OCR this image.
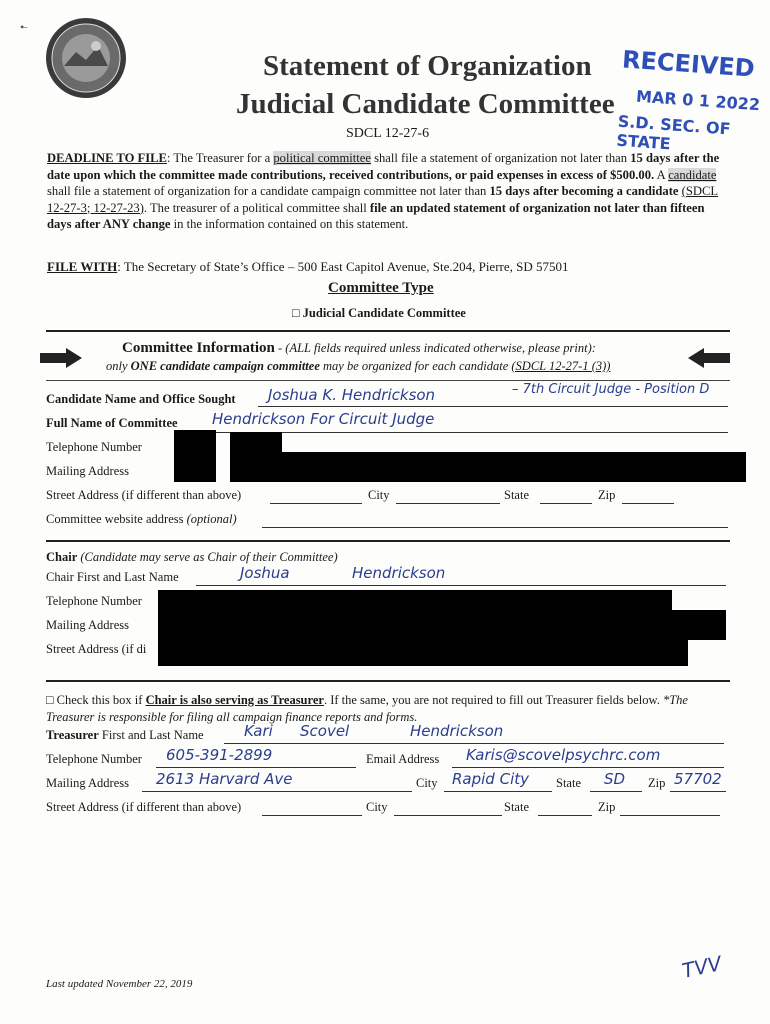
•̶
Statement of Organization
Judicial Candidate Committee
RECEIVED
MAR 0 1 2022
S.D. SEC. OF STATE
SDCL 12-27-6
DEADLINE TO FILE: The Treasurer for a political committee shall file a statement of organization not later than 15 days after the date upon which the committee made contributions, received contributions, or paid expenses in excess of $500.00. A candidate shall file a statement of organization for a candidate campaign committee not later than 15 days after becoming a candidate (SDCL 12-27-3; 12-27-23). The treasurer of a political committee shall file an updated statement of organization not later than fifteen days after ANY change in the information contained on this statement.
FILE WITH: The Secretary of State’s Office – 500 East Capitol Avenue, Ste.204, Pierre, SD 57501
Committee Type
□ Judicial Candidate Committee
Committee Information - (ALL fields required unless indicated otherwise, please print):
only ONE candidate campaign committee may be organized for each candidate (SDCL 12-27-1 (3))
Candidate Name and Office Sought Joshua K. Hendrickson	– 7th Circuit Judge - Position D
Full Name of Committee Hendrickson For Circuit Judge
Telephone Number
Mailing Address
Street Address (if different than above)	City	State	Zip
Committee website address (optional)
Chair (Candidate may serve as Chair of their Committee)
Chair First and Last Name	Joshua	Hendrickson
Telephone Number
Mailing Address
Street Address (if di
□ Check this box if Chair is also serving as Treasurer. If the same, you are not required to fill out Treasurer fields below. *The Treasurer is responsible for filing all campaign finance reports and forms.
Treasurer First and Last Name	Kari Scovel	Hendrickson
Telephone Number 605-391-2899	Email Address Karis@scovelpsychrc.com
Mailing Address 2613 Harvard Ave	City Rapid City State SD Zip 57702
Street Address (if different than above)	City	State	Zip
Last updated November 22, 2019
TVV
